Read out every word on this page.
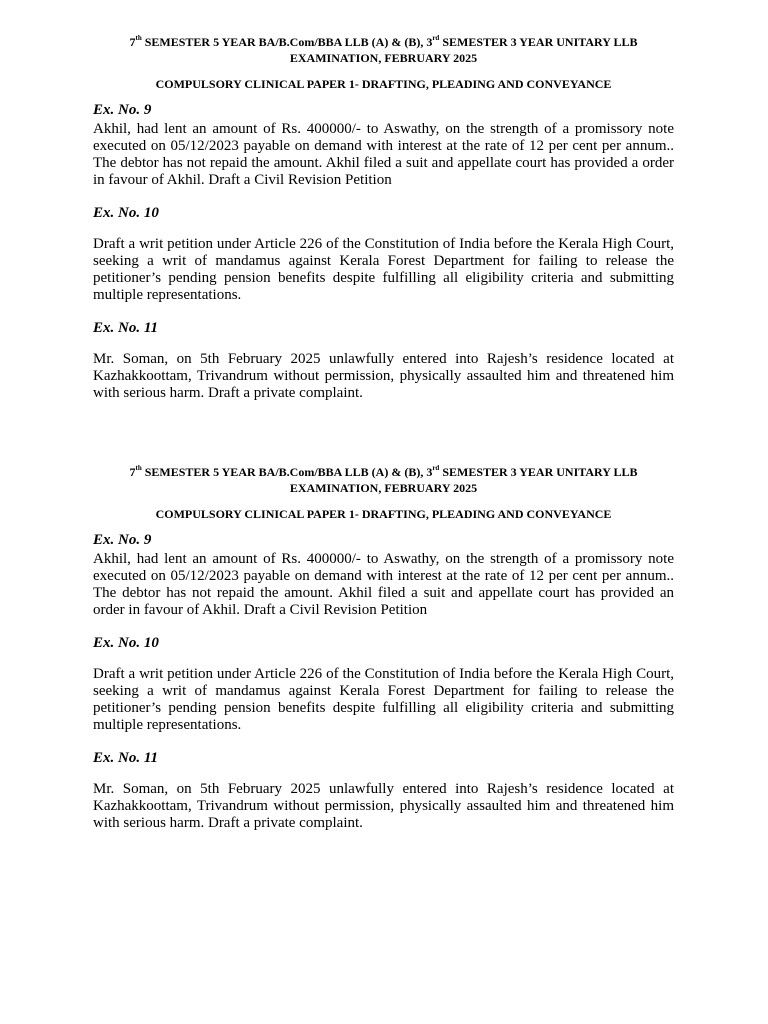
7th SEMESTER 5 YEAR BA/B.Com/BBA LLB (A) & (B), 3rd SEMESTER 3 YEAR UNITARY LLB

EXAMINATION, FEBRUARY 2025

COMPULSORY CLINICAL PAPER 1- DRAFTING, PLEADING AND CONVEYANCE

Ex. No. 9

Akhil, had lent an amount of Rs. 400000/- to Aswathy, on the strength of a promissory note executed on 05/12/2023 payable on demand with interest at the rate of 12 per cent per annum.. The debtor has not repaid the amount. Akhil filed a suit and appellate court has provided a order in favour of Akhil. Draft a Civil Revision Petition

Ex. No. 10

Draft a writ petition under Article 226 of the Constitution of India before the Kerala High Court, seeking a writ of mandamus against Kerala Forest Department for failing to release the petitioner’s pending pension benefits despite fulfilling all eligibility criteria and submitting multiple representations.

Ex. No. 11

Mr. Soman, on 5th February 2025 unlawfully entered into Rajesh’s residence located at Kazhakkoottam, Trivandrum without permission, physically assaulted him and threatened him with serious harm. Draft a private complaint.

7th SEMESTER 5 YEAR BA/B.Com/BBA LLB (A) & (B), 3rd SEMESTER 3 YEAR UNITARY LLB

EXAMINATION, FEBRUARY 2025

COMPULSORY CLINICAL PAPER 1- DRAFTING, PLEADING AND CONVEYANCE

Ex. No. 9

Akhil, had lent an amount of Rs. 400000/- to Aswathy, on the strength of a promissory note executed on 05/12/2023 payable on demand with interest at the rate of 12 per cent per annum.. The debtor has not repaid the amount. Akhil filed a suit and appellate court has provided an order in favour of Akhil. Draft a Civil Revision Petition

Ex. No. 10

Draft a writ petition under Article 226 of the Constitution of India before the Kerala High Court, seeking a writ of mandamus against Kerala Forest Department for failing to release the petitioner’s pending pension benefits despite fulfilling all eligibility criteria and submitting multiple representations.

Ex. No. 11

Mr. Soman, on 5th February 2025 unlawfully entered into Rajesh’s residence located at Kazhakkoottam, Trivandrum without permission, physically assaulted him and threatened him with serious harm. Draft a private complaint.
